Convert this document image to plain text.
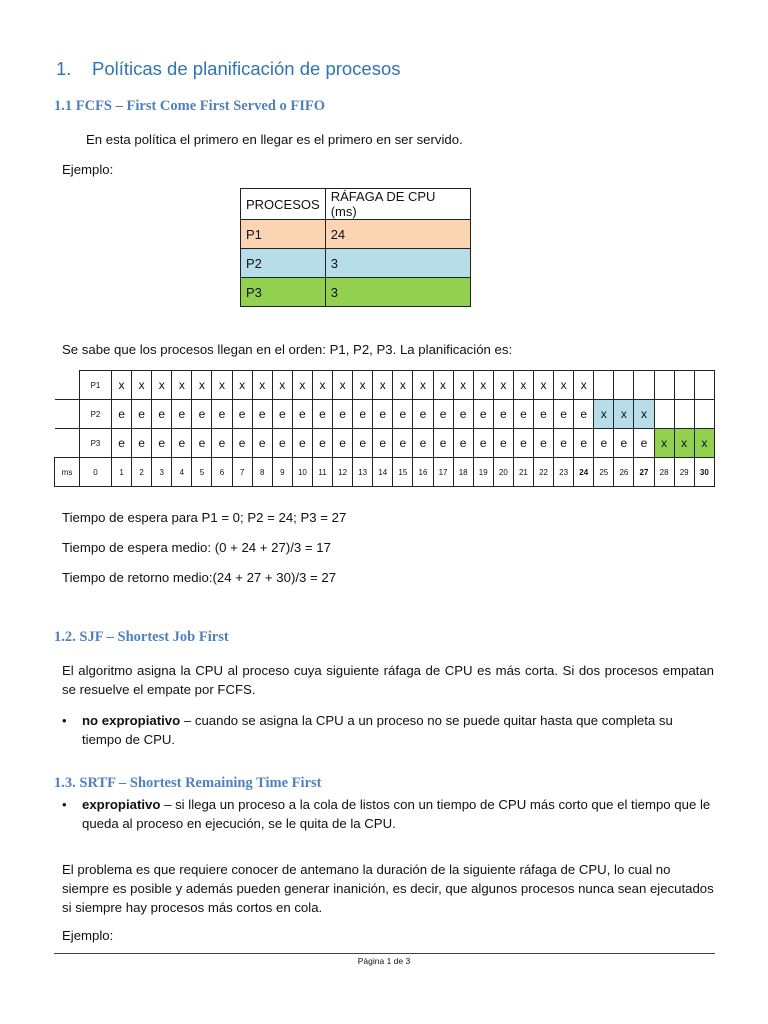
1. Políticas de planificación de procesos
1.1 FCFS – First Come First Served o FIFO
En esta política el primero en llegar es el primero en ser servido.
Ejemplo:
PROCESOS	RÁFAGA DE CPU (ms)
P1	24
P2	3
P3	3
Se sabe que los procesos llegan en el orden: P1, P2, P3. La planificación es:
	P1	x	x	x	x	x	x	x	x	x	x	x	x	x	x	x	x	x	x	x	x	x	x	x	x						
	P2	e	e	e	e	e	e	e	e	e	e	e	e	e	e	e	e	e	e	e	e	e	e	e	e	x	x	x			
	P3	e	e	e	e	e	e	e	e	e	e	e	e	e	e	e	e	e	e	e	e	e	e	e	e	e	e	e	x	x	x
ms	0	1	2	3	4	5	6	7	8	9	10	11	12	13	14	15	16	17	18	19	20	21	22	23	24	25	26	27	28	29	30
Tiempo de espera para P1 = 0; P2 = 24; P3 = 27
Tiempo de espera medio: (0 + 24 + 27)/3 = 17
Tiempo de retorno medio:(24 + 27 + 30)/3 = 27
1.2. SJF – Shortest Job First
El algoritmo asigna la CPU al proceso cuya siguiente ráfaga de CPU es más corta. Si dos procesos empatan se resuelve el empate por FCFS.
• no expropiativo – cuando se asigna la CPU a un proceso no se puede quitar hasta que completa su tiempo de CPU.
1.3. SRTF – Shortest Remaining Time First
• expropiativo – si llega un proceso a la cola de listos con un tiempo de CPU más corto que el tiempo que le queda al proceso en ejecución, se le quita de la CPU.
El problema es que requiere conocer de antemano la duración de la siguiente ráfaga de CPU, lo cual no siempre es posible y además pueden generar inanición, es decir, que algunos procesos nunca sean ejecutados si siempre hay procesos más cortos en cola.
Ejemplo:
Página 1 de 3
